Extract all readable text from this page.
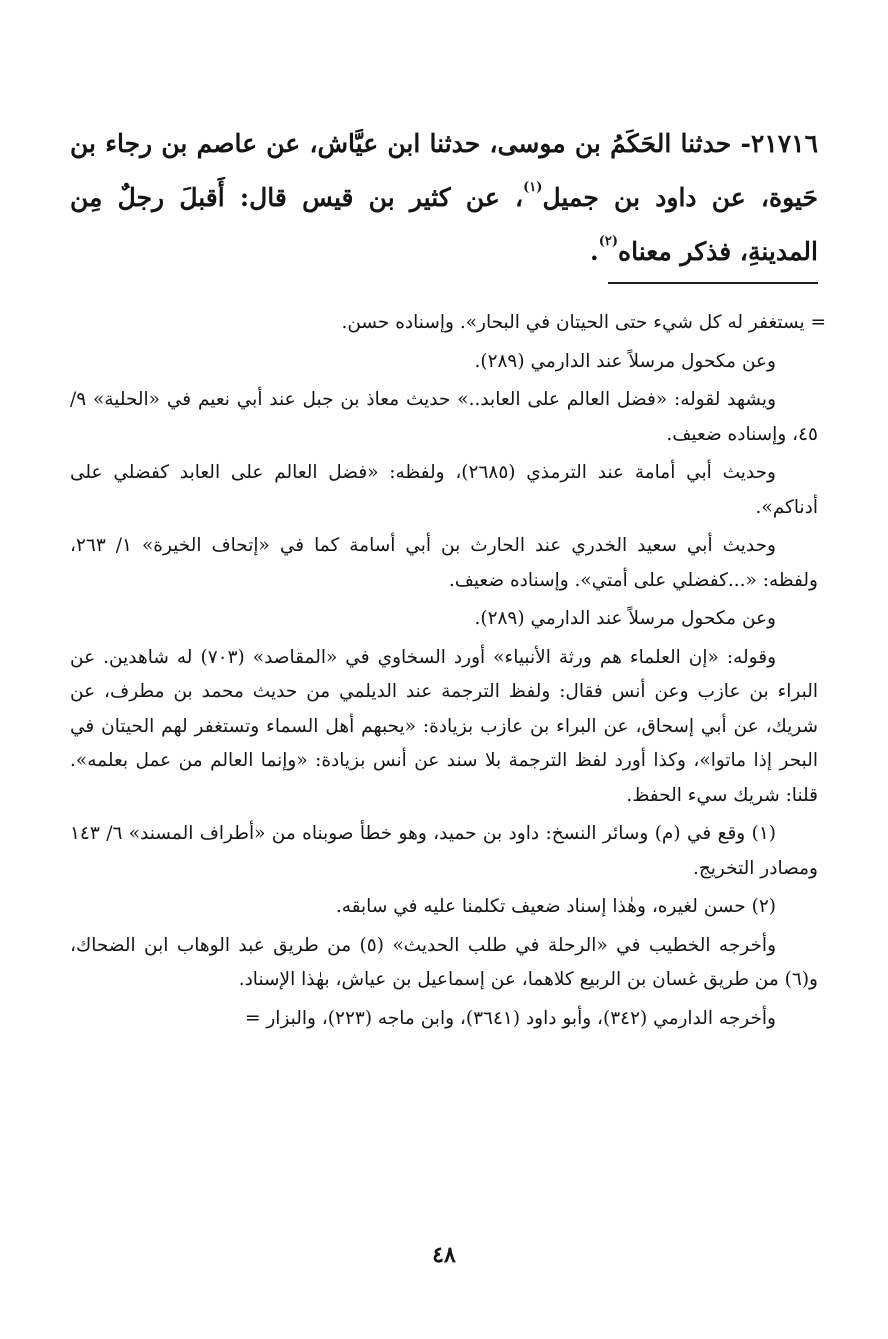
٢١٧١٦- حدثنا الحَكَمُ بن موسى، حدثنا ابن عيَّاش، عن عاصم بن رجاء بن حَيوة، عن داود بن جميل$^{(١)}$، عن كثير بن قيس قال: أَقبلَ رجلٌ مِن المدينةِ، فذكر معناه$^{(٢)}$.

= يستغفر له كل شيء حتى الحيتان في البحار». وإسناده حسن.

وعن مكحول مرسلاً عند الدارمي (٢٨٩).

ويشهد لقوله: «فضل العالم على العابد..» حديث معاذ بن جبل عند أبي نعيم في «الحلية» ٩/ ٤٥، وإسناده ضعيف.

وحديث أبي أمامة عند الترمذي (٢٦٨٥)، ولفظه: «فضل العالم على العابد كفضلي على أدناكم».

وحديث أبي سعيد الخدري عند الحارث بن أبي أسامة كما في «إتحاف الخيرة» ١/ ٢٦٣، ولفظه: «...كفضلي على أمتي». وإسناده ضعيف.

وعن مكحول مرسلاً عند الدارمي (٢٨٩).

وقوله: «إن العلماء هم ورثة الأنبياء» أورد السخاوي في «المقاصد» (٧٠٣) له شاهدين. عن البراء بن عازب وعن أنس فقال: ولفظ الترجمة عند الديلمي من حديث محمد بن مطرف، عن شريك، عن أبي إسحاق، عن البراء بن عازب بزيادة: «يحبهم أهل السماء وتستغفر لهم الحيتان في البحر إذا ماتوا»، وكذا أورد لفظ الترجمة بلا سند عن أنس بزيادة: «وإنما العالم من عمل بعلمه». قلنا: شريك سيء الحفظ.

(١) وقع في (م) وسائر النسخ: داود بن حميد، وهو خطأ صوبناه من «أطراف المسند» ٦/ ١٤٣ ومصادر التخريج.

(٢) حسن لغيره، وهٰذا إسناد ضعيف تكلمنا عليه في سابقه.

وأخرجه الخطيب في «الرحلة في طلب الحديث» (٥) من طريق عبد الوهاب ابن الضحاك، و(٦) من طريق غسان بن الربيع كلاهما، عن إسماعيل بن عياش، بهٰذا الإسناد.

وأخرجه الدارمي (٣٤٢)، وأبو داود (٣٦٤١)، وابن ماجه (٢٢٣)، والبزار =

٤٨
